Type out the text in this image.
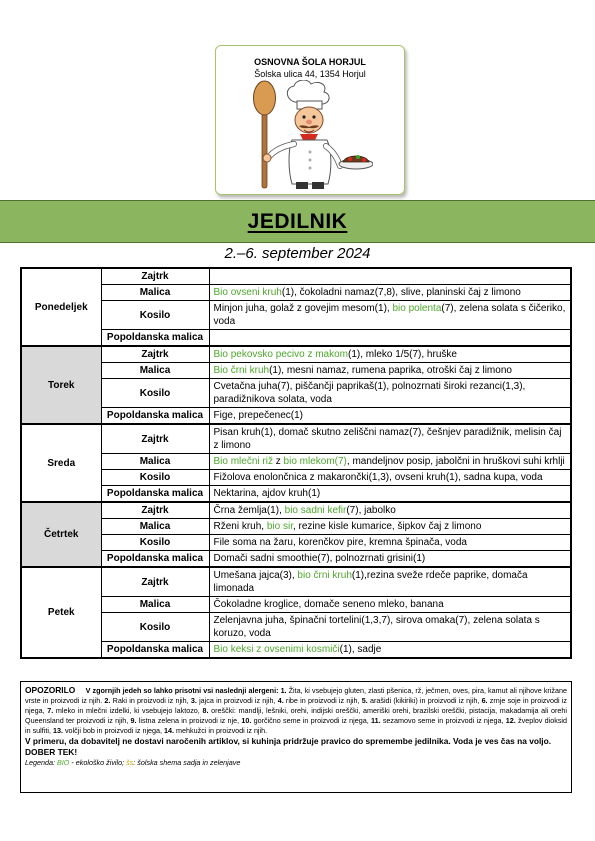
OSNOVNA ŠOLA HORJUL
Šolska ulica 44, 1354 Horjul
JEDILNIK
2.–6. september 2024
Ponedeljek	Zajtrk	
	Malica	Bio ovseni kruh(1), čokoladni namaz(7,8), slive, planinski čaj z limono
	Kosilo	Minjon juha, golaž z govejim mesom(1), bio polenta(7), zelena solata s čičeriko, voda
	Popoldanska malica	
Torek	Zajtrk	Bio pekovsko pecivo z makom(1), mleko 1/5(7), hruške
	Malica	Bio črni kruh(1), mesni namaz, rumena paprika, otroški čaj z limono
	Kosilo	Cvetačna juha(7), piščančji paprikaš(1), polnozrnati široki rezanci(1,3), paradižnikova solata, voda
	Popoldanska malica	Fige, prepečenec(1)
Sreda	Zajtrk	Pisan kruh(1), domač skutno zeliščni namaz(7), češnjev paradižnik, melisin čaj z limono
	Malica	Bio mlečni riž z bio mlekom(7), mandeljnov posip, jabolčni in hruškovi suhi krhlji
	Kosilo	Fižolova enolončnica z makarončki(1,3), ovseni kruh(1), sadna kupa, voda
	Popoldanska malica	Nektarina, ajdov kruh(1)
Četrtek	Zajtrk	Črna žemlja(1), bio sadni kefir(7), jabolko
	Malica	Rženi kruh, bio sir, rezine kisle kumarice, šipkov čaj z limono
	Kosilo	File soma na žaru, korenčkov pire, kremna špinača, voda
	Popoldanska malica	Domači sadni smoothie(7), polnozrnati grisini(1)
Petek	Zajtrk	Umešana jajca(3), bio črni kruh(1),rezina sveže rdeče paprike, domača limonada
	Malica	Čokoladne kroglice, domače seneno mleko, banana
	Kosilo	Zelenjavna juha, špinačni tortelini(1,3,7), sirova omaka(7), zelena solata s koruzo, voda
	Popoldanska malica	Bio keksi z ovsenimi kosmiči(1), sadje
OPOZORILO V zgornjih jedeh so lahko prisotni vsi naslednji alergeni: 1. Žita, ki vsebujejo gluten, zlasti pšenica, rž, ječmen, oves, pira, kamut ali njihove križane vrste in proizvodi iz njih. 2. Raki in proizvodi iz njih, 3. jajca in proizvodi iz njih, 4. ribe in proizvodi iz njih, 5. arašidi (kikiriki) in proizvodi iz njih, 6. zrnje soje in proizvodi iz njega, 7. mleko in mlečni izdelki, ki vsebujejo laktozo, 8. oreščki: mandlji, lešniki, orehi, indijski oreščki, ameriški orehi, brazilski oreščki, pistacija, makadamija ali orehi Queensland ter proizvodi iz njih, 9. listna zelena in proizvodi iz nje, 10. gorčično seme in proizvodi iz njega, 11. sezamovo seme in proizvodi iz njega, 12. žveplov dioksid in sulfiti, 13. volčji bob in proizvodi iz njega, 14. mehkužci in proizvodi iz njih.
V primeru, da dobavitelj ne dostavi naročenih artiklov, si kuhinja pridržuje pravico do spremembe jedilnika. Voda je ves čas na voljo.
DOBER TEK!
Legenda: BIO - ekološko živilo; šs: šolska shema sadja in zelenjave
